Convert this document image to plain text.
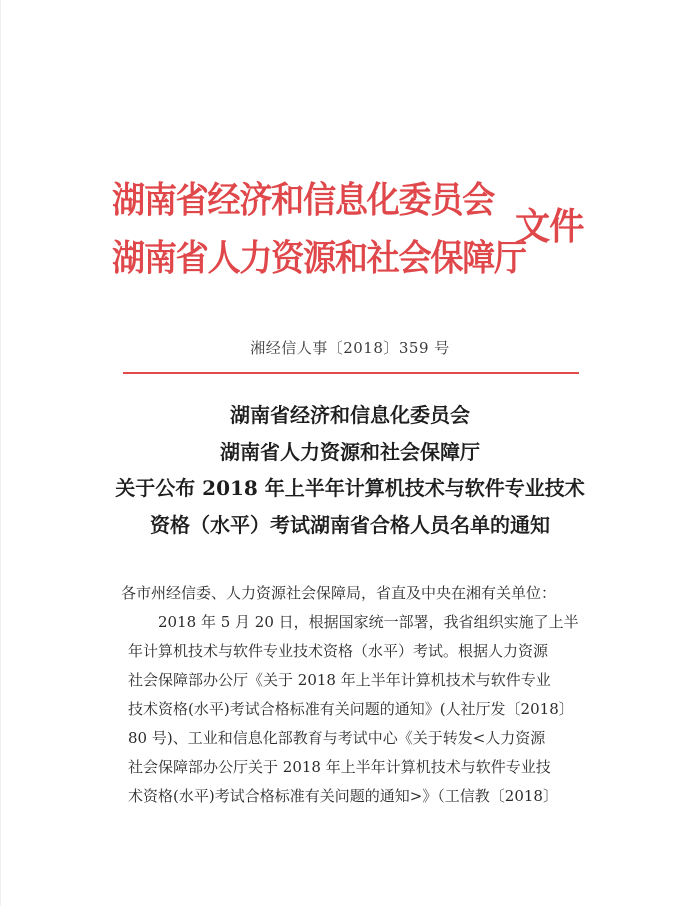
湖南省经济和信息化委员会
湖南省人力资源和社会保障厅
文件
湘经信人事〔2018〕359 号
湖南省经济和信息化委员会
湖南省人力资源和社会保障厅
关于公布 2018 年上半年计算机技术与软件专业技术
资格（水平）考试湖南省合格人员名单的通知
各市州经信委、人力资源社会保障局，省直及中央在湘有关单位：
2018 年 5 月 20 日，根据国家统一部署，我省组织实施了上半
年计算机技术与软件专业技术资格（水平）考试。根据人力资源
社会保障部办公厅《关于 2018 年上半年计算机技术与软件专业
技术资格(水平)考试合格标准有关问题的通知》(人社厅发〔2018〕
80 号)、工业和信息化部教育与考试中心《关于转发<人力资源
社会保障部办公厅关于 2018 年上半年计算机技术与软件专业技
术资格(水平)考试合格标准有关问题的通知>》（工信教〔2018〕
